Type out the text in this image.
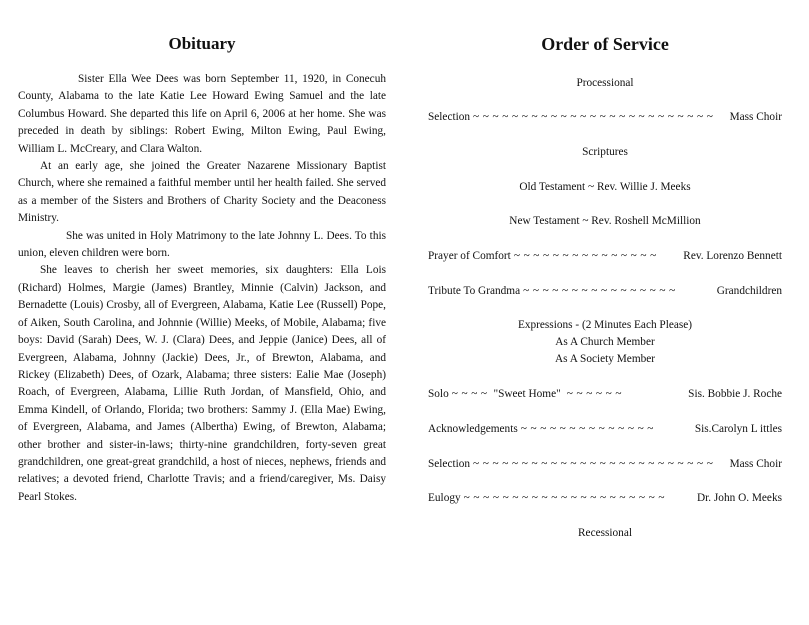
Obituary

Sister Ella Wee Dees was born September 11, 1920, in Conecuh County, Alabama to the late Katie Lee Howard Ewing Samuel and the late Columbus Howard. She departed this life on April 6, 2006 at her home. She was preceded in death by siblings: Robert Ewing, Milton Ewing, Paul Ewing, William L. McCreary, and Clara Walton.

At an early age, she joined the Greater Nazarene Missionary Baptist Church, where she remained a faithful member until her health failed. She served as a member of the Sisters and Brothers of Charity Society and the Deaconess Ministry.

She was united in Holy Matrimony to the late Johnny L. Dees. To this union, eleven children were born.

She leaves to cherish her sweet memories, six daughters: Ella Lois (Richard) Holmes, Margie (James) Brantley, Minnie (Calvin) Jackson, and Bernadette (Louis) Crosby, all of Evergreen, Alabama, Katie Lee (Russell) Pope, of Aiken, South Carolina, and Johnnie (Willie) Meeks, of Mobile, Alabama; five boys: David (Sarah) Dees, W. J. (Clara) Dees, and Jeppie (Janice) Dees, all of Evergreen, Alabama, Johnny (Jackie) Dees, Jr., of Brewton, Alabama, and Rickey (Elizabeth) Dees, of Ozark, Alabama; three sisters: Ealie Mae (Joseph) Roach, of Evergreen, Alabama, Lillie Ruth Jordan, of Mansfield, Ohio, and Emma Kindell, of Orlando, Florida; two brothers: Sammy J. (Ella Mae) Ewing, of Evergreen, Alabama, and James (Albertha) Ewing, of Brewton, Alabama; other brother and sister-in-laws; thirty-nine grandchildren, forty-seven great grandchildren, one great-great grandchild, a host of nieces, nephews, friends and relatives; a devoted friend, Charlotte Travis; and a friend/caregiver, Ms. Daisy Pearl Stokes.

Order of Service
Processional
Selection ~ ~ ~ ~ ~ ~ ~ ~ ~ ~ ~ ~ ~ ~ ~ ~ ~ ~ ~ ~ ~ ~ ~ ~ ~	Mass Choir
Scriptures
Old Testament ~ Rev. Willie J. Meeks
New Testament ~ Rev. Roshell McMillion
Prayer of Comfort ~ ~ ~ ~ ~ ~ ~ ~ ~ ~ ~ ~ ~ ~ ~	Rev. Lorenzo Bennett
Tribute To Grandma ~ ~ ~ ~ ~ ~ ~ ~ ~ ~ ~ ~ ~ ~ ~ ~	Grandchildren
Expressions - (2 Minutes Each Please)
As A Church Member
As A Society Member
Solo ~ ~ ~ ~ "Sweet Home" ~ ~ ~ ~ ~ ~	Sis. Bobbie J. Roche
Acknowledgements ~ ~ ~ ~ ~ ~ ~ ~ ~ ~ ~ ~ ~ ~	Sis.Carolyn L ittles
Selection ~ ~ ~ ~ ~ ~ ~ ~ ~ ~ ~ ~ ~ ~ ~ ~ ~ ~ ~ ~ ~ ~ ~ ~ ~	Mass Choir
Eulogy ~ ~ ~ ~ ~ ~ ~ ~ ~ ~ ~ ~ ~ ~ ~ ~ ~ ~ ~ ~ ~	Dr. John O. Meeks
Recessional
